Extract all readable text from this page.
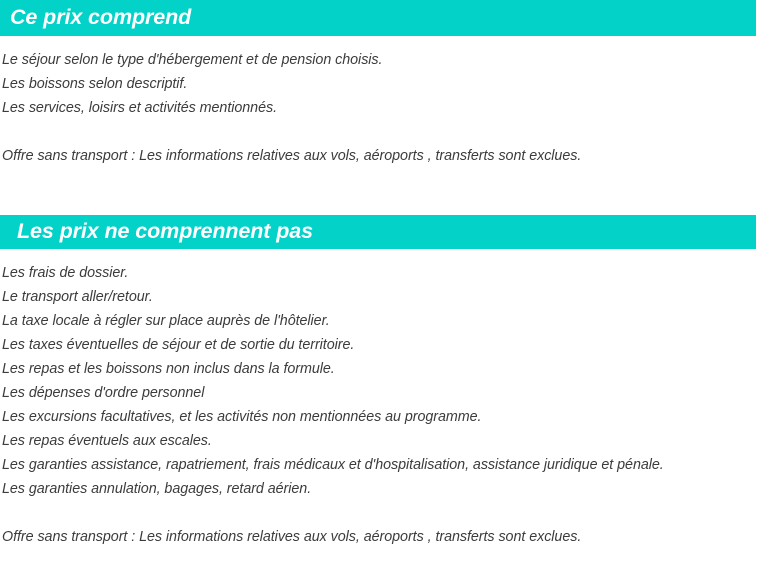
Ce prix comprend
Le séjour selon le type d'hébergement et de pension choisis.
Les boissons selon descriptif.
Les services, loisirs et activités mentionnés.
Offre sans transport : Les informations relatives aux vols, aéroports , transferts sont exclues.
Les prix ne comprennent pas
Les frais de dossier.
Le transport aller/retour.
La taxe locale à régler sur place auprès de l'hôtelier.
Les taxes éventuelles de séjour et de sortie du territoire.
Les repas et les boissons non inclus dans la formule.
Les dépenses d'ordre personnel
Les excursions facultatives, et les activités non mentionnées au programme.
Les repas éventuels aux escales.
Les garanties assistance, rapatriement, frais médicaux et d'hospitalisation, assistance juridique et pénale.
Les garanties annulation, bagages, retard aérien.
Offre sans transport : Les informations relatives aux vols, aéroports , transferts sont exclues.
